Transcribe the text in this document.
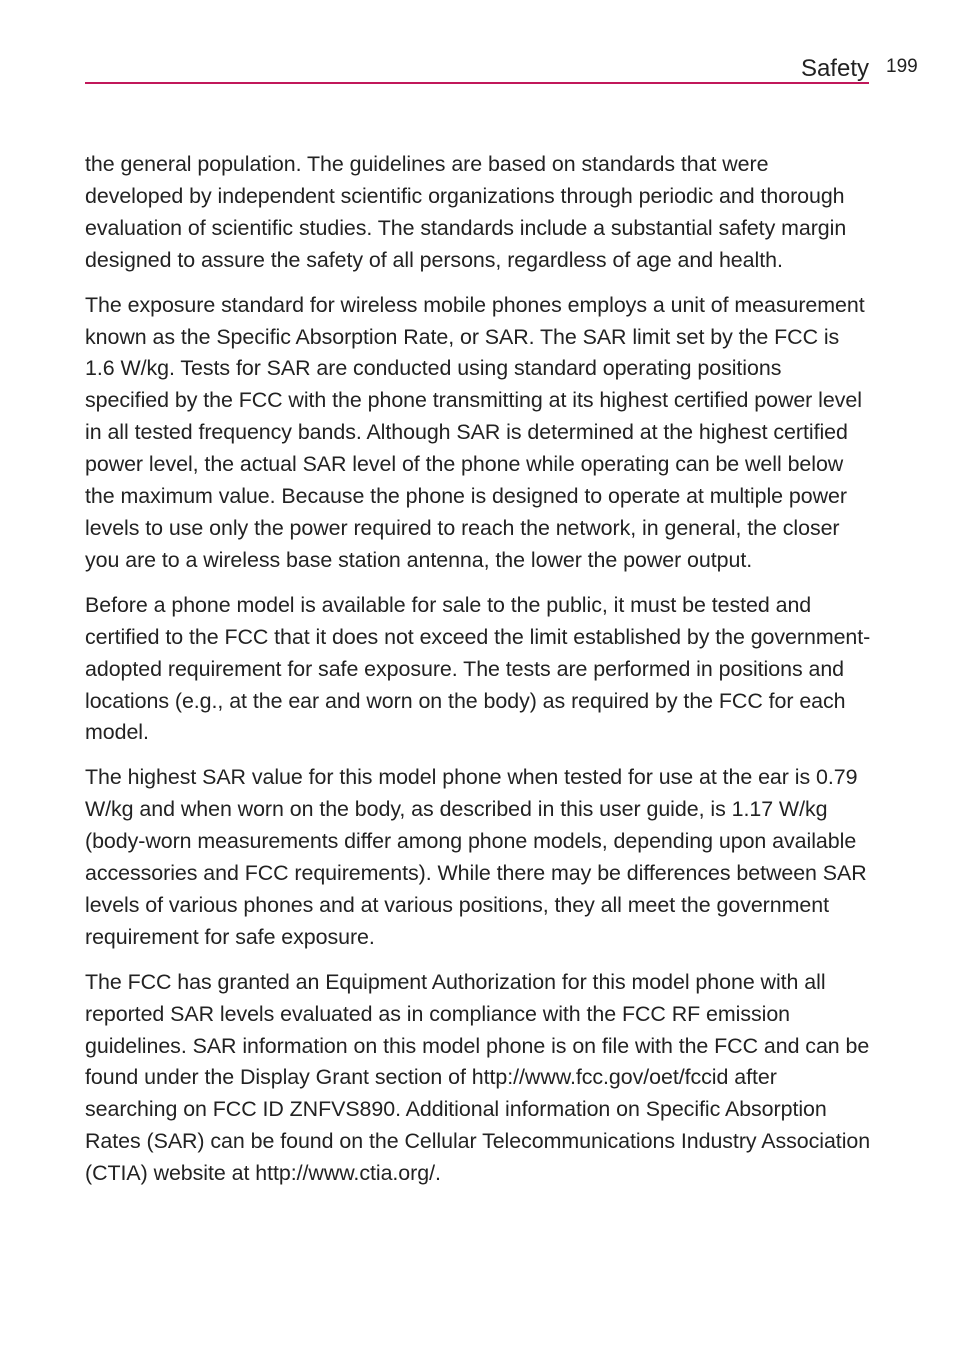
Safety 199

the general population. The guidelines are based on standards that were developed by independent scientific organizations through periodic and thorough evaluation of scientific studies. The standards include a substantial safety margin designed to assure the safety of all persons, regardless of age and health.

The exposure standard for wireless mobile phones employs a unit of measurement known as the Specific Absorption Rate, or SAR. The SAR limit set by the FCC is 1.6 W/kg. Tests for SAR are conducted using standard operating positions specified by the FCC with the phone transmitting at its highest certified power level in all tested frequency bands. Although SAR is determined at the highest certified power level, the actual SAR level of the phone while operating can be well below the maximum value. Because the phone is designed to operate at multiple power levels to use only the power required to reach the network, in general, the closer you are to a wireless base station antenna, the lower the power output.

Before a phone model is available for sale to the public, it must be tested and certified to the FCC that it does not exceed the limit established by the government-adopted requirement for safe exposure. The tests are performed in positions and locations (e.g., at the ear and worn on the body) as required by the FCC for each model.

The highest SAR value for this model phone when tested for use at the ear is 0.79 W/kg and when worn on the body, as described in this user guide, is 1.17 W/kg (body-worn measurements differ among phone models, depending upon available accessories and FCC requirements). While there may be differences between SAR levels of various phones and at various positions, they all meet the government requirement for safe exposure.

The FCC has granted an Equipment Authorization for this model phone with all reported SAR levels evaluated as in compliance with the FCC RF emission guidelines. SAR information on this model phone is on file with the FCC and can be found under the Display Grant section of http://www.fcc.gov/oet/fccid after searching on FCC ID ZNFVS890. Additional information on Specific Absorption Rates (SAR) can be found on the Cellular Telecommunications Industry Association (CTIA) website at http://www.ctia.org/.
